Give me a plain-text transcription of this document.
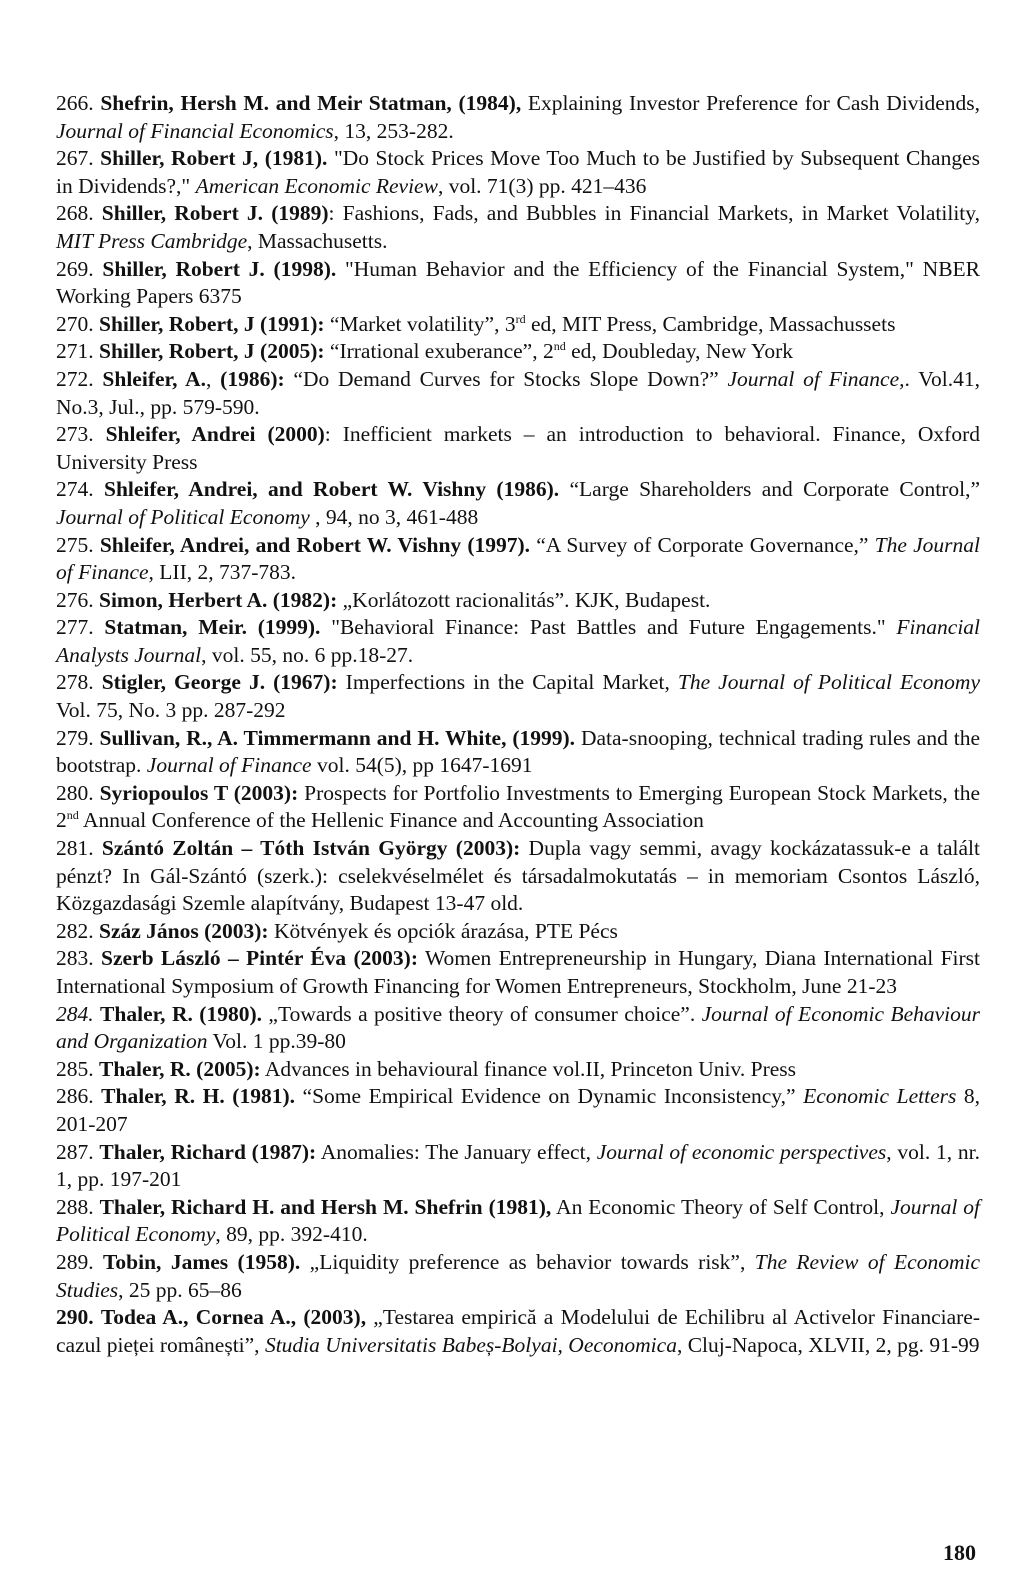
266. Shefrin, Hersh M. and Meir Statman, (1984), Explaining Investor Preference for Cash Dividends, Journal of Financial Economics, 13, 253-282.

267. Shiller, Robert J, (1981). "Do Stock Prices Move Too Much to be Justified by Subsequent Changes in Dividends?," American Economic Review, vol. 71(3) pp. 421–436

268. Shiller, Robert J. (1989): Fashions, Fads, and Bubbles in Financial Markets, in Market Volatility, MIT Press Cambridge, Massachusetts.

269. Shiller, Robert J. (1998). "Human Behavior and the Efficiency of the Financial System," NBER Working Papers 6375

270. Shiller, Robert, J (1991): “Market volatility”, 3rd ed, MIT Press, Cambridge, Massachussets

271. Shiller, Robert, J (2005): “Irrational exuberance”, 2nd ed, Doubleday, New York

272. Shleifer, A., (1986): “Do Demand Curves for Stocks Slope Down?” Journal of Finance,. Vol.41, No.3, Jul., pp. 579-590.

273. Shleifer, Andrei (2000): Inefficient markets – an introduction to behavioral. Finance, Oxford University Press

274. Shleifer, Andrei, and Robert W. Vishny (1986). “Large Shareholders and Corporate Control,” Journal of Political Economy , 94, no 3, 461-488

275. Shleifer, Andrei, and Robert W. Vishny (1997). “A Survey of Corporate Governance,” The Journal of Finance, LII, 2, 737-783.

276. Simon, Herbert A. (1982): „Korlátozott racionalitás”. KJK, Budapest.

277. Statman, Meir. (1999). "Behavioral Finance: Past Battles and Future Engagements." Financial Analysts Journal, vol. 55, no. 6 pp.18-27.

278. Stigler, George J. (1967): Imperfections in the Capital Market, The Journal of Political Economy Vol. 75, No. 3 pp. 287-292

279. Sullivan, R., A. Timmermann and H. White, (1999). Data-snooping, technical trading rules and the bootstrap. Journal of Finance vol. 54(5), pp 1647-1691

280. Syriopoulos T (2003): Prospects for Portfolio Investments to Emerging European Stock Markets, the 2nd Annual Conference of the Hellenic Finance and Accounting Association

281. Szántó Zoltán – Tóth István György (2003): Dupla vagy semmi, avagy kockázatassuk-e a talált pénzt? In Gál-Szántó (szerk.): cselekvéselmélet és társadalmokutatás – in memoriam Csontos László, Közgazdasági Szemle alapítvány, Budapest 13-47 old.

282. Száz János (2003): Kötvények és opciók árazása, PTE Pécs

283. Szerb László – Pintér Éva (2003): Women Entrepreneurship in Hungary, Diana International First International Symposium of Growth Financing for Women Entrepreneurs, Stockholm, June 21-23

284. Thaler, R. (1980). „Towards a positive theory of consumer choice”. Journal of Economic Behaviour and Organization Vol. 1 pp.39-80

285. Thaler, R. (2005): Advances in behavioural finance vol.II, Princeton Univ. Press

286. Thaler, R. H. (1981). “Some Empirical Evidence on Dynamic Inconsistency,” Economic Letters 8, 201-207

287. Thaler, Richard (1987): Anomalies: The January effect, Journal of economic perspectives, vol. 1, nr. 1, pp. 197-201

288. Thaler, Richard H. and Hersh M. Shefrin (1981), An Economic Theory of Self Control, Journal of Political Economy, 89, pp. 392-410.

289. Tobin, James (1958). „Liquidity preference as behavior towards risk”, The Review of Economic Studies, 25 pp. 65–86

290. Todea A., Cornea A., (2003), „Testarea empirică a Modelului de Echilibru al Activelor Financiare- cazul pieței românești”, Studia Universitatis Babeș-Bolyai, Oeconomica, Cluj-Napoca, XLVII, 2, pg. 91-99

180
